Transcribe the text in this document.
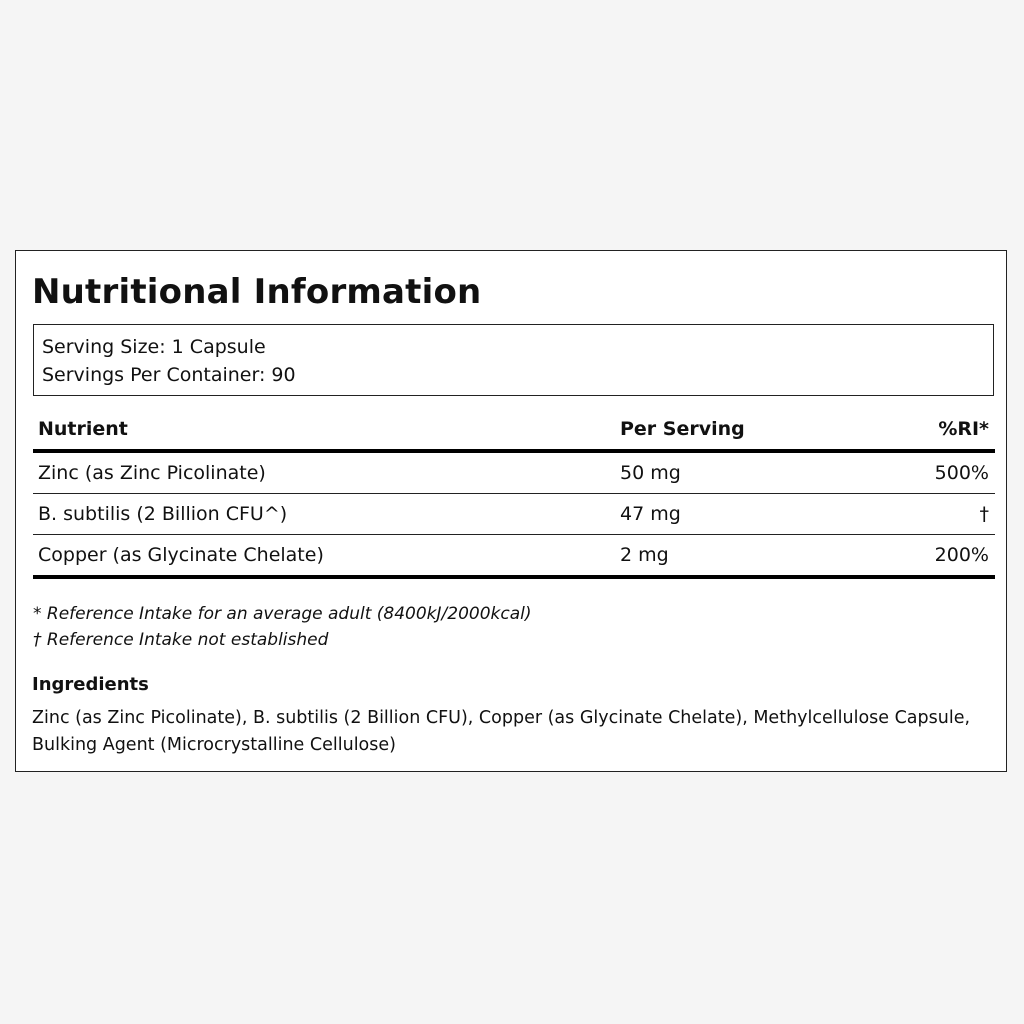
Nutritional Information
Serving Size: 1 Capsule
Servings Per Container: 90
Nutrient	Per Serving	%RI*
Zinc (as Zinc Picolinate)	50 mg	500%
B. subtilis (2 Billion CFU^)	47 mg	†
Copper (as Glycinate Chelate)	2 mg	200%
* Reference Intake for an average adult (8400kJ/2000kcal)
† Reference Intake not established
Ingredients
Zinc (as Zinc Picolinate), B. subtilis (2 Billion CFU), Copper (as Glycinate Chelate), Methylcellulose Capsule, Bulking Agent (Microcrystalline Cellulose)
